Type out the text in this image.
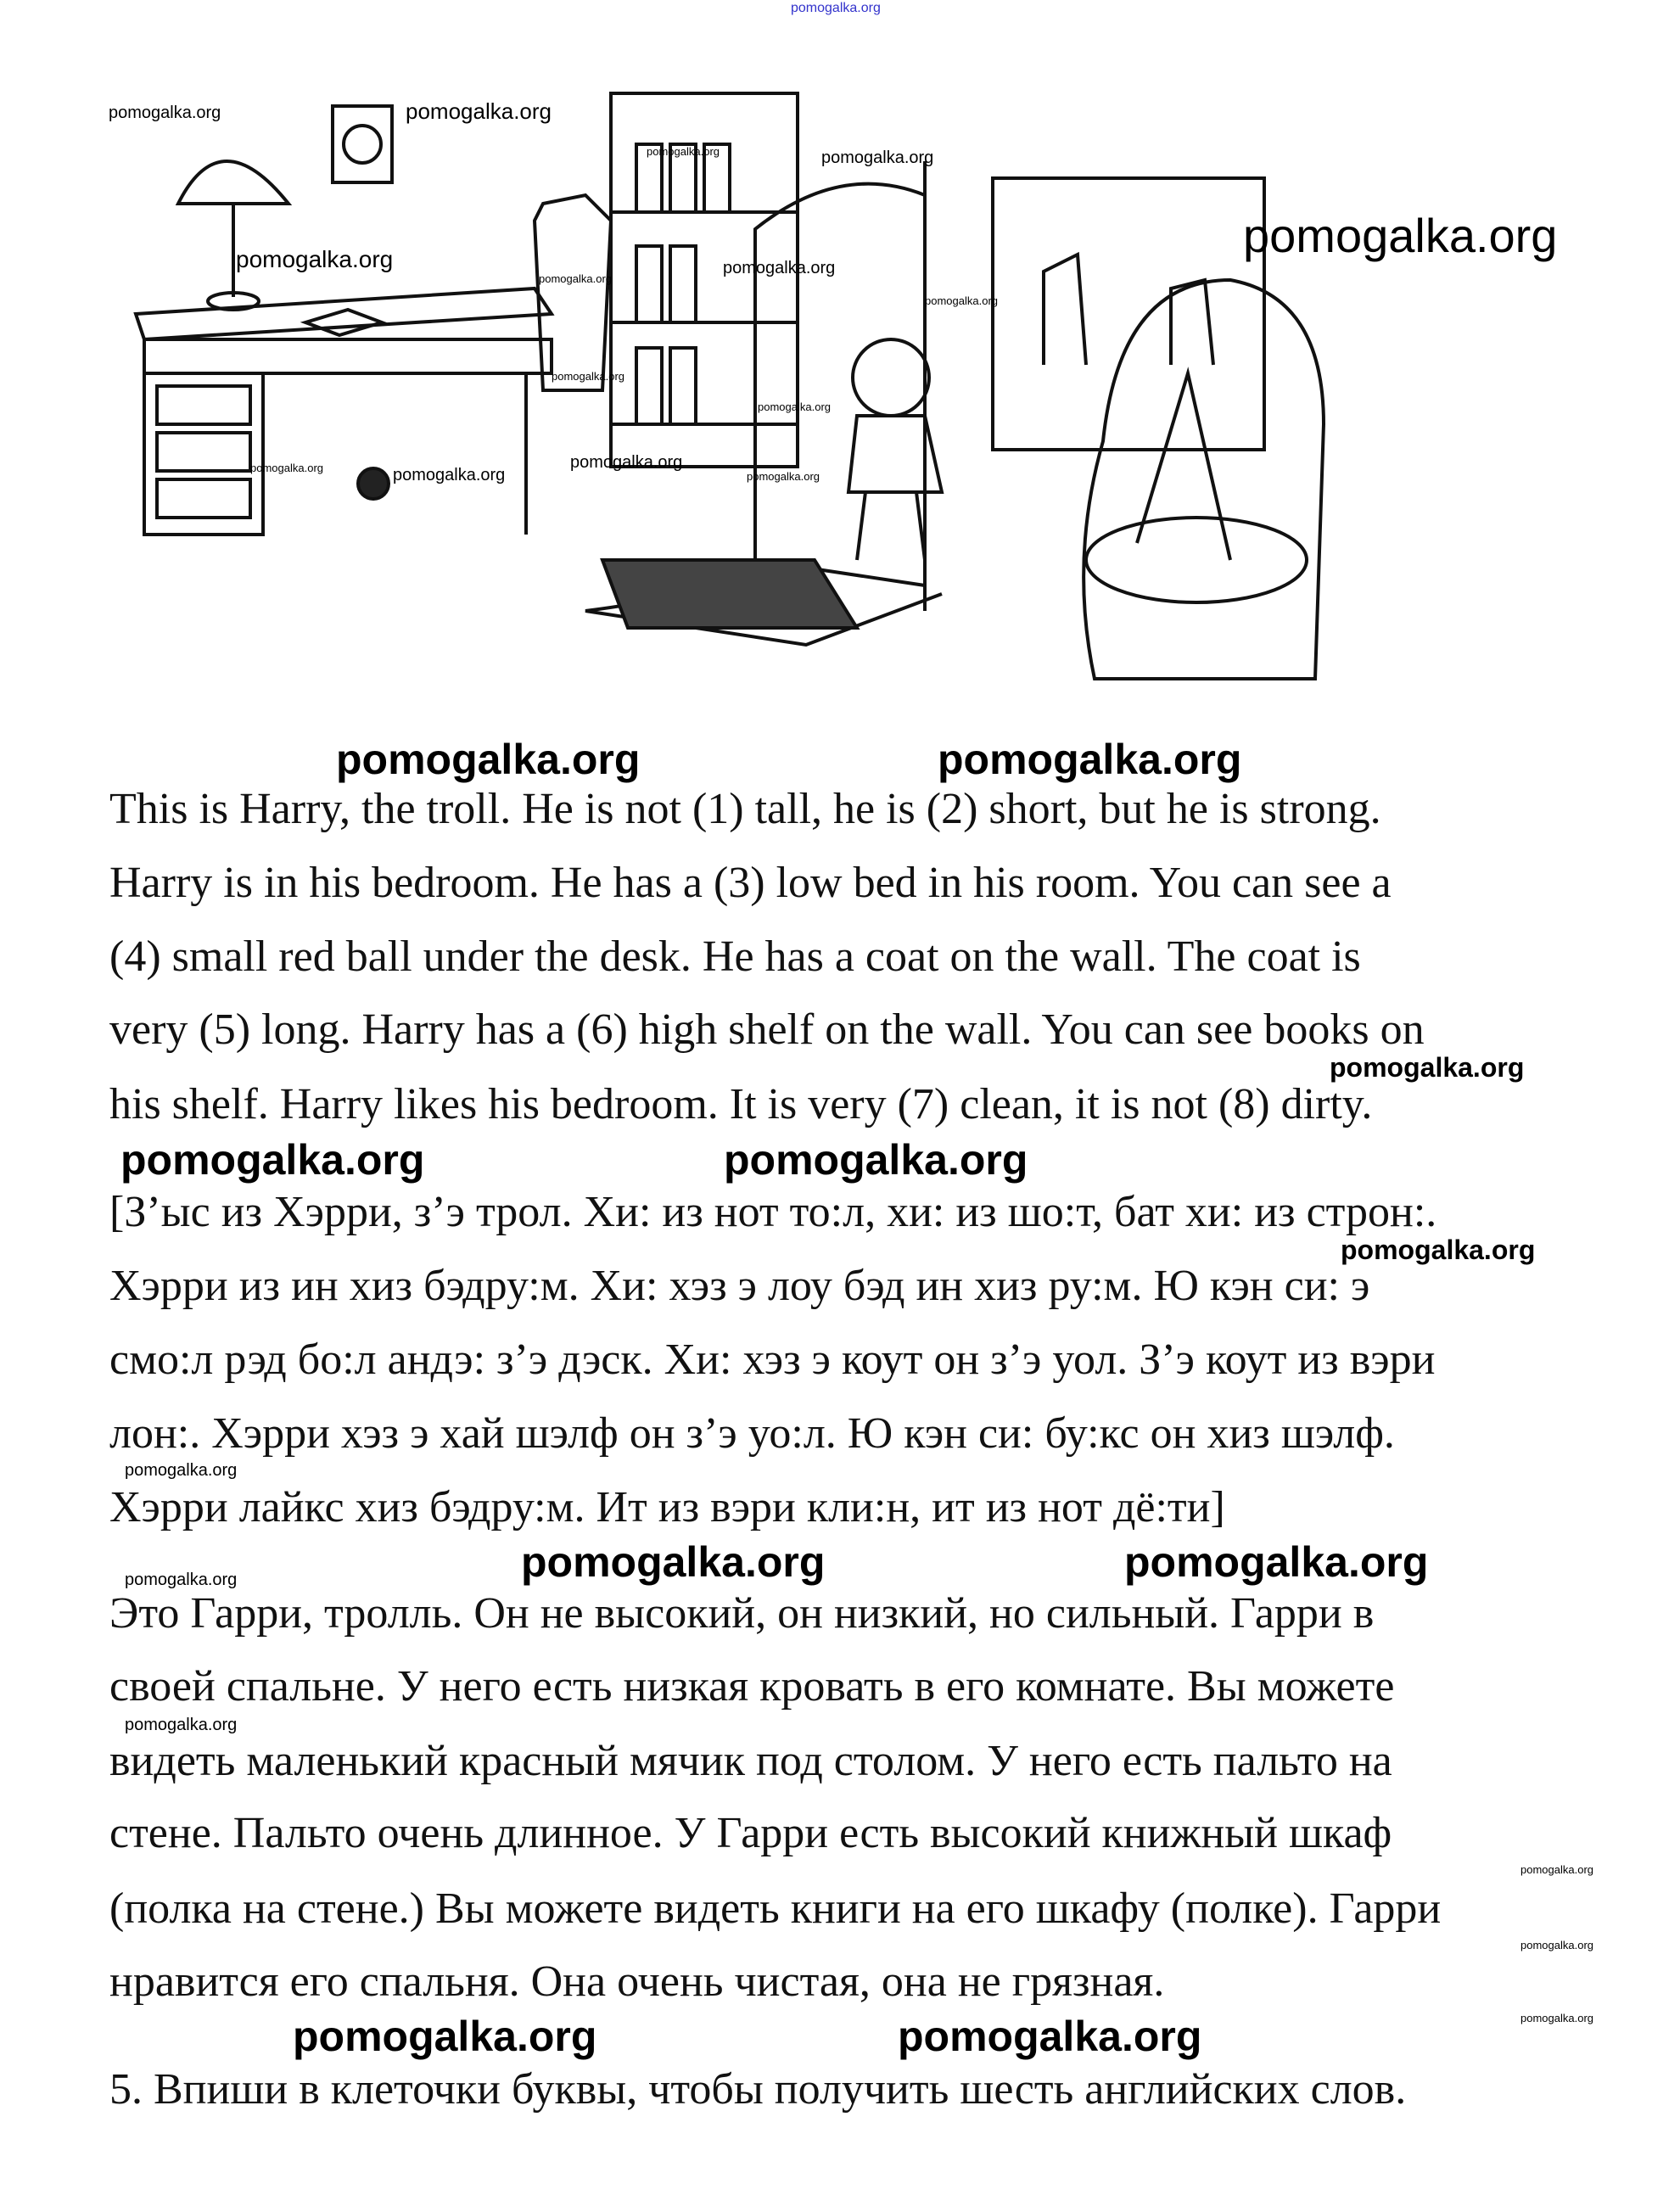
pomogalka.org
pomogalka.org	pomogalka.org
pomogalka.org	pomogalka.org
pomogalka.org
pomogalka.org	pomogalka.org
pomogalka.org
pomogalka.org
pomogalka.org
pomogalka.org
pomogalka.org	pomogalka.org
pomogalka.org
pomogalka.org
pomogalka.org	pomogalka.org
pomogalka.org
pomogalka.org	pomogalka.org
pomogalka.org
pomogalka.org
pomogalka.org	pomogalka.org
pomogalka.org
pomogalka.org
pomogalka.org
pomogalka.org
pomogalka.org
pomogalka.org	pomogalka.org
This is Harry, the troll. He is not (1) tall, he is (2) short, but he is strong.
Harry is in his bedroom. He has a (3) low bed in his room. You can see a
(4) small red ball under the desk. He has a coat on the wall. The coat is
very (5) long. Harry has a (6) high shelf on the wall. You can see books on
his shelf. Harry likes his bedroom. It is very (7) clean, it is not (8) dirty.
[З’ыс из Хэрри, з’э трол. Хи: из нот то:л, хи: из шо:т, бат хи: из строн:.
Хэрри из ин хиз бэдру:м. Хи: хэз э лоу бэд ин хиз ру:м. Ю кэн си: э
смо:л рэд бо:л андэ: з’э дэск. Хи: хэз э коут он з’э уол. З’э коут из вэри
лон:. Хэрри хэз э хай шэлф он з’э уо:л. Ю кэн си: бу:кс он хиз шэлф.
Хэрри лайкс хиз бэдру:м. Ит из вэри кли:н, ит из нот дё:ти]
Это Гарри, тролль. Он не высокий, он низкий, но сильный. Гарри в
своей спальне. У него есть низкая кровать в его комнате. Вы можете
видеть маленький красный мячик под столом. У него есть пальто на
стене. Пальто очень длинное. У Гарри есть высокий книжный шкаф
(полка на стене.) Вы можете видеть книги на его шкафу (полке). Гарри
нравится его спальня. Она очень чистая, она не грязная.
5. Впиши в клеточки буквы, чтобы получить шесть английских слов.
